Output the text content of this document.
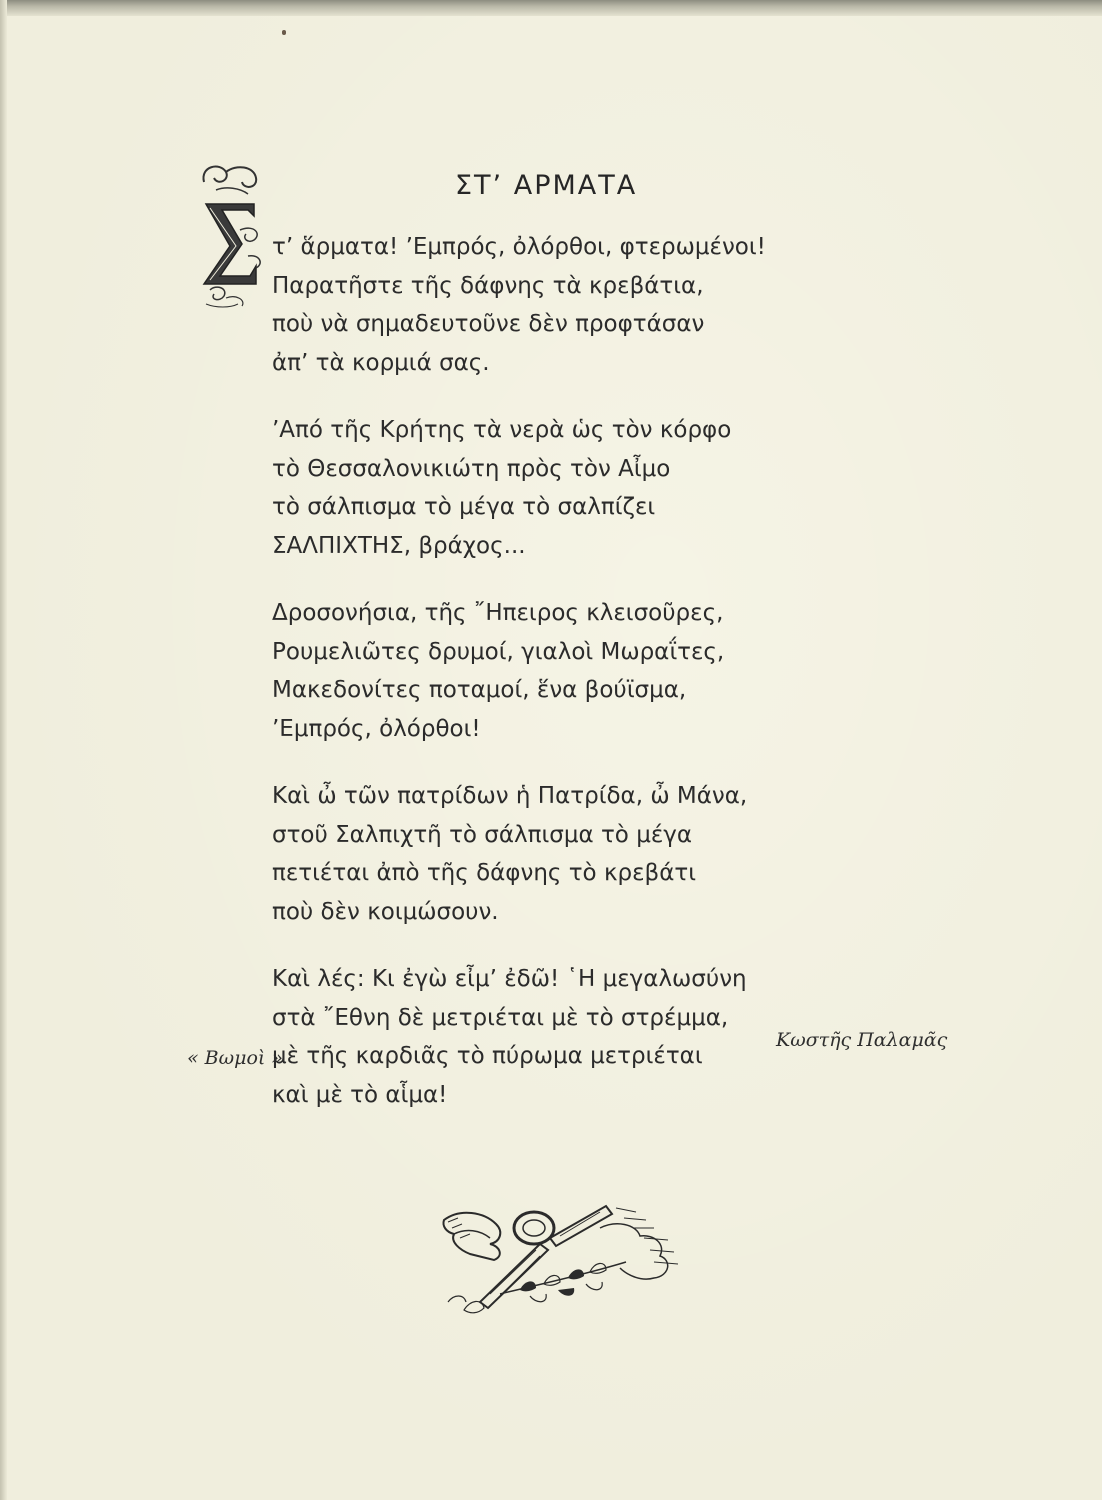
ΣΤ’ ΑΡΜΑΤΑ
τ’ ἅρματα! ’Εμπρός, ὀλόρθοι, φτερωμένοι!
Παρατῆστε τῆς δάφνης τὰ κρεβάτια,
ποὺ νὰ σημαδευτοῦνε δὲν προφτάσαν
ἀπ’ τὰ κορμιά σας.
’Από τῆς Κρήτης τὰ νερὰ ὡς τὸν κόρφο
τὸ Θεσσαλονικιώτη πρὸς τὸν Αἶμο
τὸ σάλπισμα τὸ μέγα τὸ σαλπίζει
ΣΑΛΠΙΧΤΗΣ, βράχος...
Δροσονήσια, τῆς ῎Ηπειρος κλεισοῦρες,
Ρουμελιῶτες δρυμοί, γιαλοὶ Μωραΐτες,
Μακεδονίτες ποταμοί, ἕνα βούϊσμα,
’Εμπρός, ὀλόρθοι!
Καὶ ὦ τῶν πατρίδων ἡ Πατρίδα, ὦ Μάνα,
στοῦ Σαλπιχτῆ τὸ σάλπισμα τὸ μέγα
πετιέται ἀπὸ τῆς δάφνης τὸ κρεβάτι
ποὺ δὲν κοιμώσουν.
Καὶ λές: Κι ἐγὼ εἶμ’ ἐδῶ! ῾Η μεγαλωσύνη
στὰ ῎Εθνη δὲ μετριέται μὲ τὸ στρέμμα,
μὲ τῆς καρδιᾶς τὸ πύρωμα μετριέται
καὶ μὲ τὸ αἷμα!
« Βωμοὶ »
Κωστῆς Παλαμᾶς
